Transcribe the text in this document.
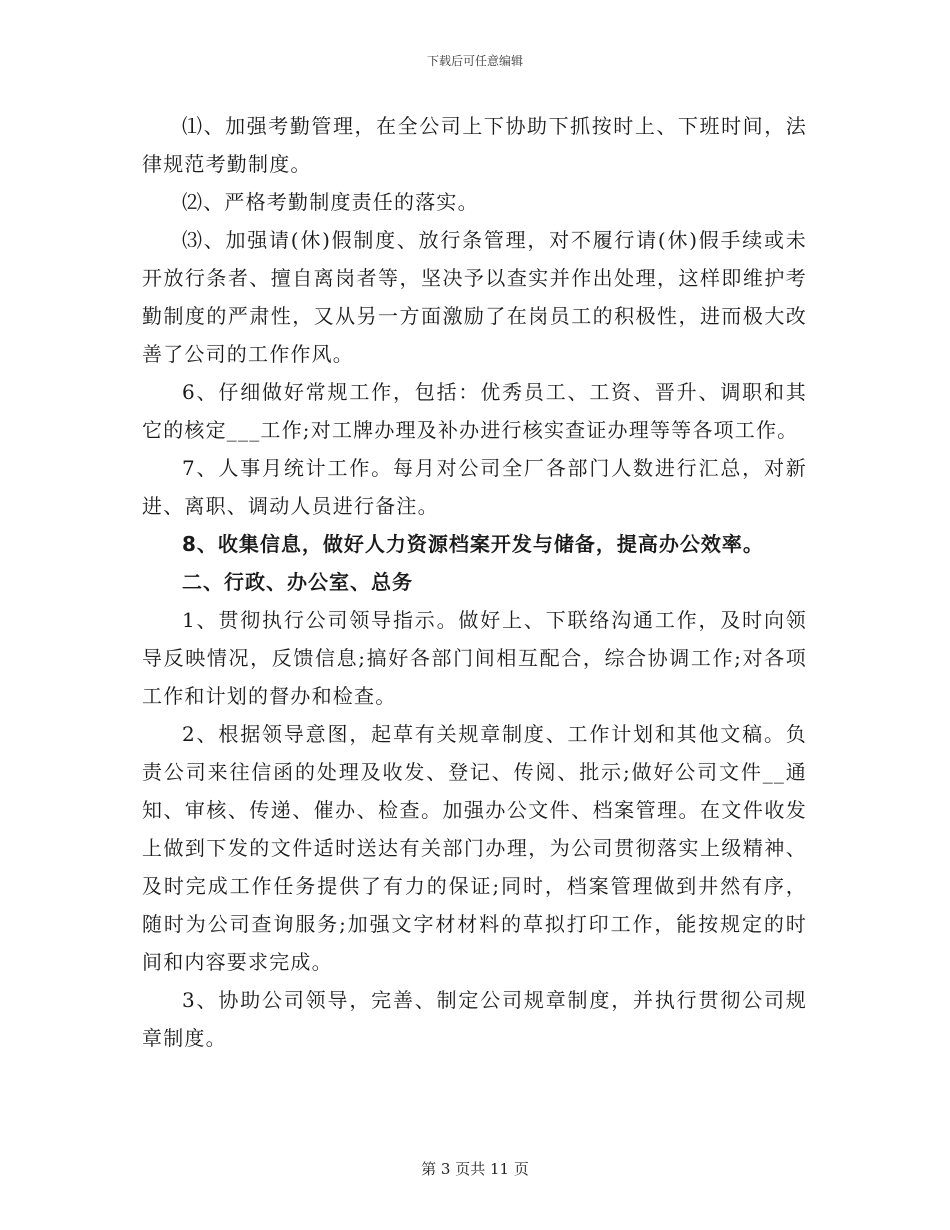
下载后可任意编辑

⑴、加强考勤管理，在全公司上下协助下抓按时上、下班时间，法律规范考勤制度。

⑵、严格考勤制度责任的落实。

⑶、加强请(休)假制度、放行条管理，对不履行请(休)假手续或未开放行条者、擅自离岗者等，坚决予以查实并作出处理，这样即维护考勤制度的严肃性，又从另一方面激励了在岗员工的积极性，进而极大改善了公司的工作作风。

6、仔细做好常规工作，包括：优秀员工、工资、晋升、调职和其它的核定___工作;对工牌办理及补办进行核实查证办理等等各项工作。

7、人事月统计工作。每月对公司全厂各部门人数进行汇总，对新进、离职、调动人员进行备注。

8、收集信息，做好人力资源档案开发与储备，提高办公效率。

二、行政、办公室、总务

1、贯彻执行公司领导指示。做好上、下联络沟通工作，及时向领导反映情况，反馈信息;搞好各部门间相互配合，综合协调工作;对各项工作和计划的督办和检查。

2、根据领导意图，起草有关规章制度、工作计划和其他文稿。负责公司来往信函的处理及收发、登记、传阅、批示;做好公司文件__通知、审核、传递、催办、检查。加强办公文件、档案管理。在文件收发上做到下发的文件适时送达有关部门办理，为公司贯彻落实上级精神、及时完成工作任务提供了有力的保证;同时，档案管理做到井然有序，随时为公司查询服务;加强文字材材料的草拟打印工作，能按规定的时间和内容要求完成。

3、协助公司领导，完善、制定公司规章制度，并执行贯彻公司规章制度。

第 3 页共 11 页
